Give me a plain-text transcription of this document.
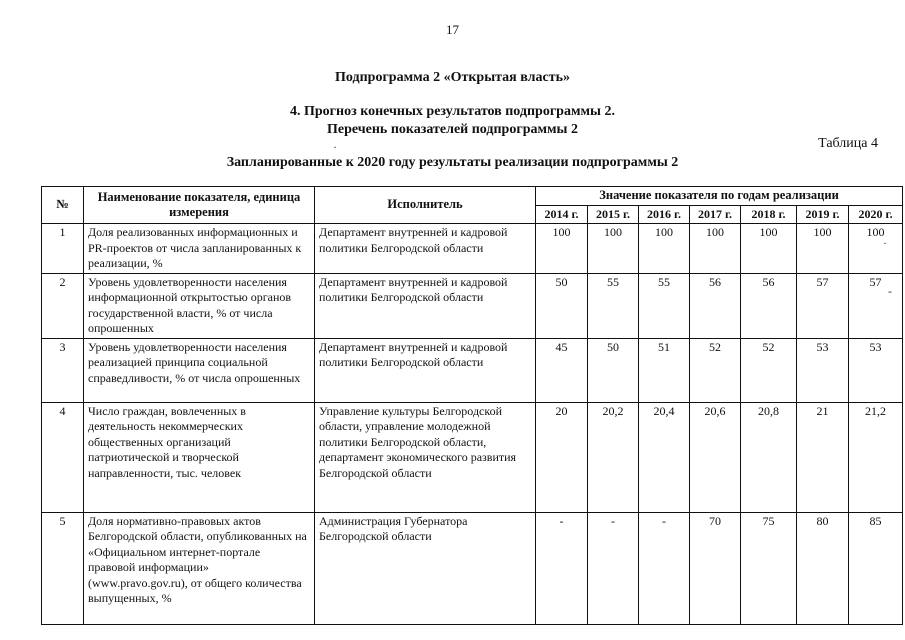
17
Подпрограмма 2 «Открытая власть»
4. Прогноз конечных результатов подпрограммы 2.
Перечень показателей подпрограммы 2
Таблица 4
Запланированные к 2020 году результаты реализации подпрограммы 2
·
·
-
№	Наименование показателя, единица измерения	Исполнитель	Значение показателя по годам реализации						
			2014 г.	2015 г.	2016 г.	2017 г.	2018 г.	2019 г.	2020 г.
1	Доля реализованных информационных и PR-проектов от числа запланированных к реализации, %	Департамент внутренней и кадровой политики Белгородской области	100	100	100	100	100	100	100
2	Уровень удовлетворенности населения информационной открытостью органов государственной власти, % от числа опрошенных	Департамент внутренней и кадровой политики Белгородской области	50	55	55	56	56	57	57
3	Уровень удовлетворенности населения реализацией принципа социальной справедливости, % от числа опрошенных	Департамент внутренней и кадровой политики Белгородской области	45	50	51	52	52	53	53
4	Число граждан, вовлеченных в деятельность некоммерческих общественных организаций патриотической и творческой направленности, тыс. человек	Управление культуры Белгородской области, управление молодежной политики Белгородской области, департамент экономического развития Белгородской области	20	20,2	20,4	20,6	20,8	21	21,2
5	Доля нормативно-правовых актов Белгородской области, опубликованных на «Официальном интернет-портале правовой информации» (www.pravo.gov.ru), от общего количества выпущенных, %	Администрация Губернатора Белгородской области	-	-	-	70	75	80	85
